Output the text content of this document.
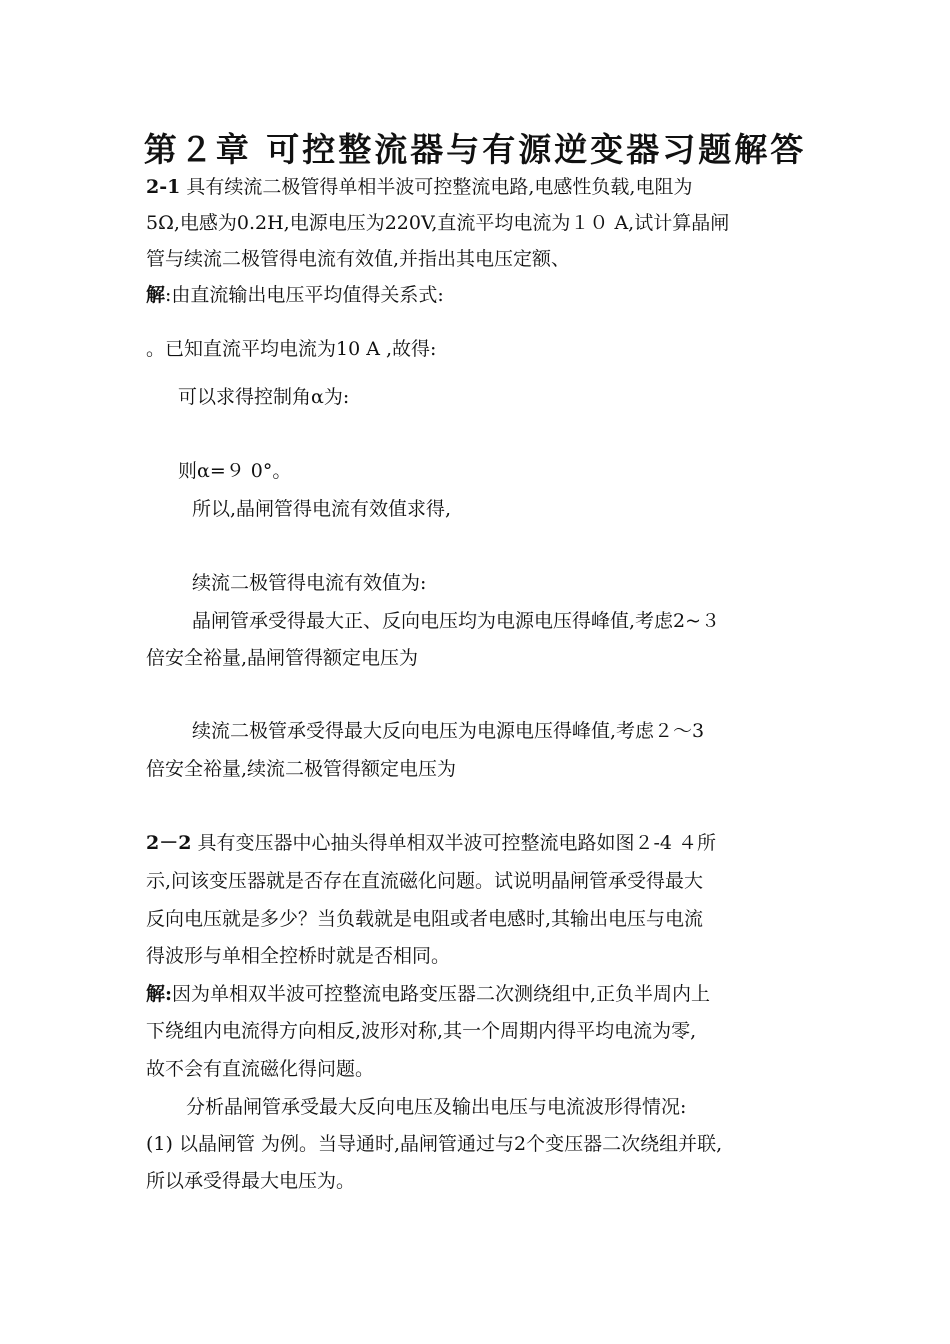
第２章 可控整流器与有源逆变器习题解答
2-1 具有续流二极管得单相半波可控整流电路,电感性负载,电阻为
5Ω,电感为0.2H,电源电压为220V,直流平均电流为１０ A,试计算晶闸
管与续流二极管得电流有效值,并指出其电压定额、
解:由直流输出电压平均值得关系式:
。已知直流平均电流为10 A ,故得:
可以求得控制角α为:
则α=９ 0°。
所以,晶闸管得电流有效值求得,
续流二极管得电流有效值为:
晶闸管承受得最大正、反向电压均为电源电压得峰值,考虑2~３
倍安全裕量,晶闸管得额定电压为
续流二极管承受得最大反向电压为电源电压得峰值,考虑２～3
倍安全裕量,续流二极管得额定电压为
2－2 具有变压器中心抽头得单相双半波可控整流电路如图２-4 ４所
示,问该变压器就是否存在直流磁化问题。试说明晶闸管承受得最大
反向电压就是多少？当负载就是电阻或者电感时,其输出电压与电流
得波形与单相全控桥时就是否相同。
解:因为单相双半波可控整流电路变压器二次测绕组中,正负半周内上
下绕组内电流得方向相反,波形对称,其一个周期内得平均电流为零,
故不会有直流磁化得问题。
分析晶闸管承受最大反向电压及输出电压与电流波形得情况:
(1) 以晶闸管 为例。当导通时,晶闸管通过与2个变压器二次绕组并联,
所以承受得最大电压为。
